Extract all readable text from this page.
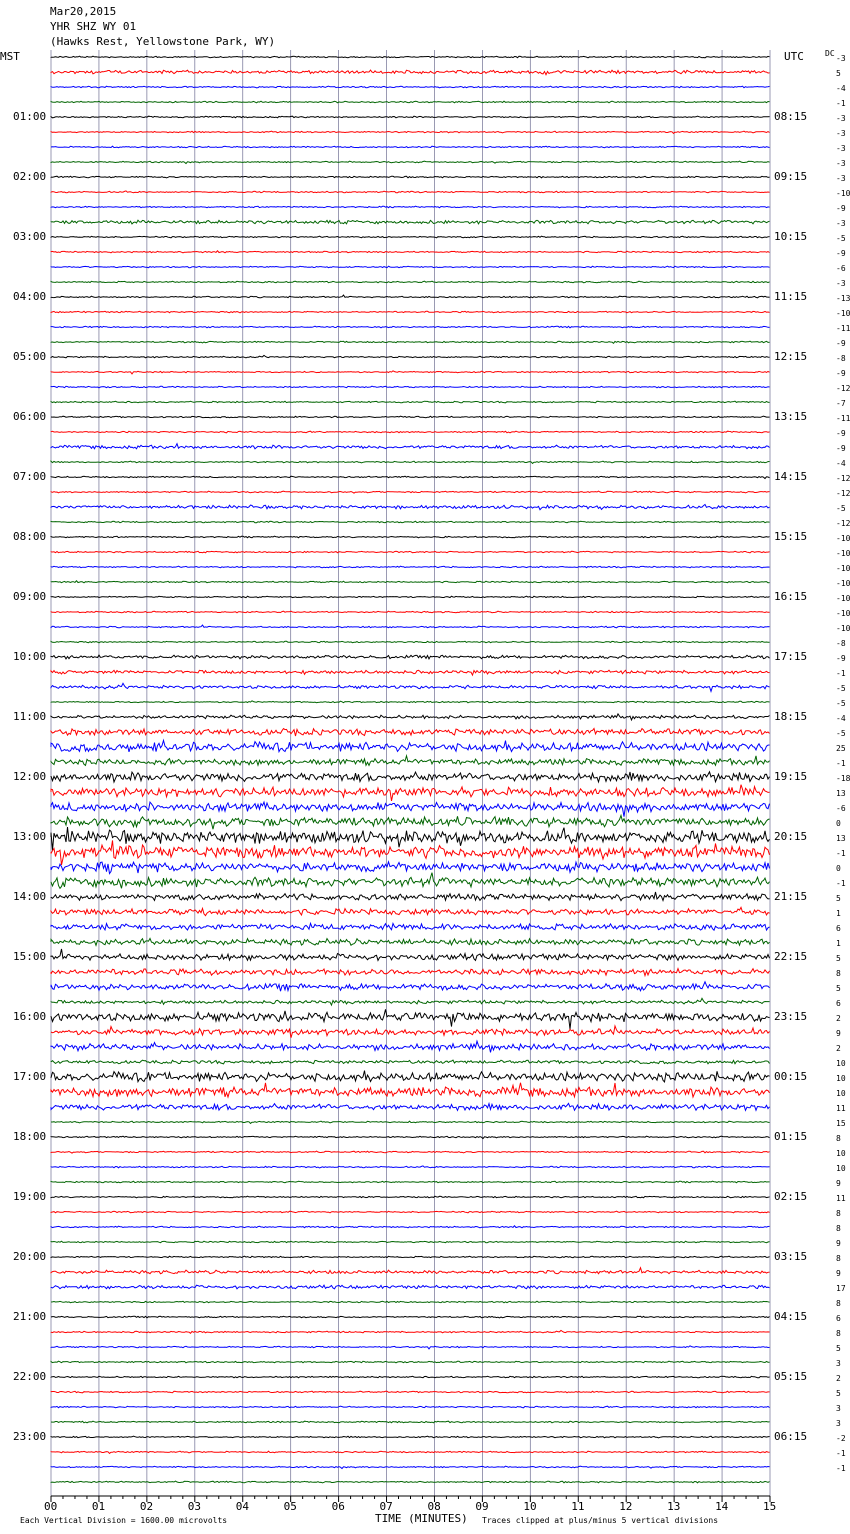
Mar20,2015
YHR SHZ WY 01
(Hawks Rest, Yellowstone Park, WY)
MST	UTC	DC
-3
5
-4
-1
-3
-3
-3
-3
-3
-10
-9
-3
-5
-9
-6
-3
-13
-10
-11
-9
-8
-9
-12
-7
-11
-9
-9
-4
-12
-12
-5
-12
-10
-10
-10
-10
-10
-10
-10
-8
-9
-1
-5
-5
-4
-5
25
-1
-18
13
-6
0
13
-1
0
-1
5
1
6
1
5
8
5
6
2
9
2
10
10
10
11
15
8
10
10
9
11
8
8
9
8
9
17
8
6
8
5
3
2
5
3
3
-2
-1
-1
01:00
02:00
03:00
04:00
05:00
06:00
07:00
08:00
09:00
10:00
11:00
12:00
13:00
14:00
15:00
16:00
17:00
18:00
19:00
20:00
21:00
22:00
23:00
08:15
09:15
10:15
11:15
12:15
13:15
14:15
15:15
16:15
17:15
18:15
19:15
20:15
21:15
22:15
23:15
00:15
01:15
02:15
03:15
04:15
05:15
06:15
00	01	02	03	04	05	06	07	08	09	10	11	12	13	14	15
TIME (MINUTES)
Each Vertical Division = 1600.00 microvolts	Traces clipped at plus/minus 5 vertical divisions
